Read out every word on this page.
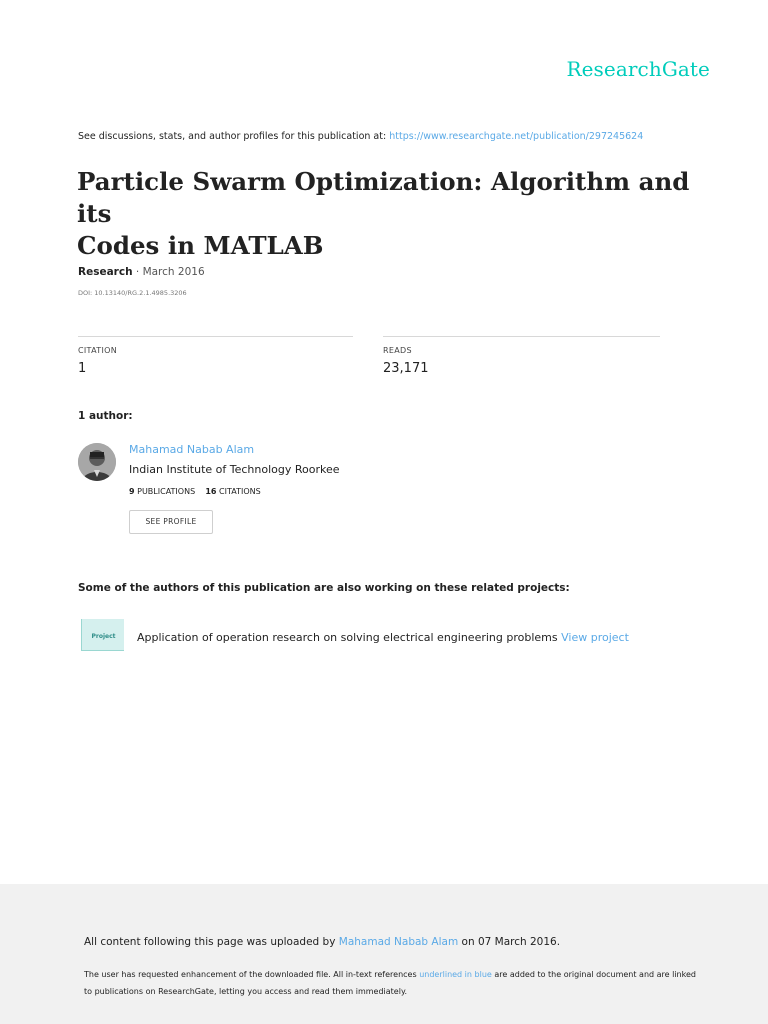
ResearchGate
See discussions, stats, and author profiles for this publication at: https://www.researchgate.net/publication/297245624
Particle Swarm Optimization: Algorithm and its
Codes in MATLAB
Research · March 2016
DOI: 10.13140/RG.2.1.4985.3206
CITATION
1
READS
23,171
1 author:
Mahamad Nabab Alam
Indian Institute of Technology Roorkee
9 PUBLICATIONS 16 CITATIONS
SEE PROFILE
Some of the authors of this publication are also working on these related projects:
Project	Application of operation research on solving electrical engineering problems View project
All content following this page was uploaded by Mahamad Nabab Alam on 07 March 2016.
The user has requested enhancement of the downloaded file. All in-text references underlined in blue are added to the original document and are linked to publications on ResearchGate, letting you access and read them immediately.
